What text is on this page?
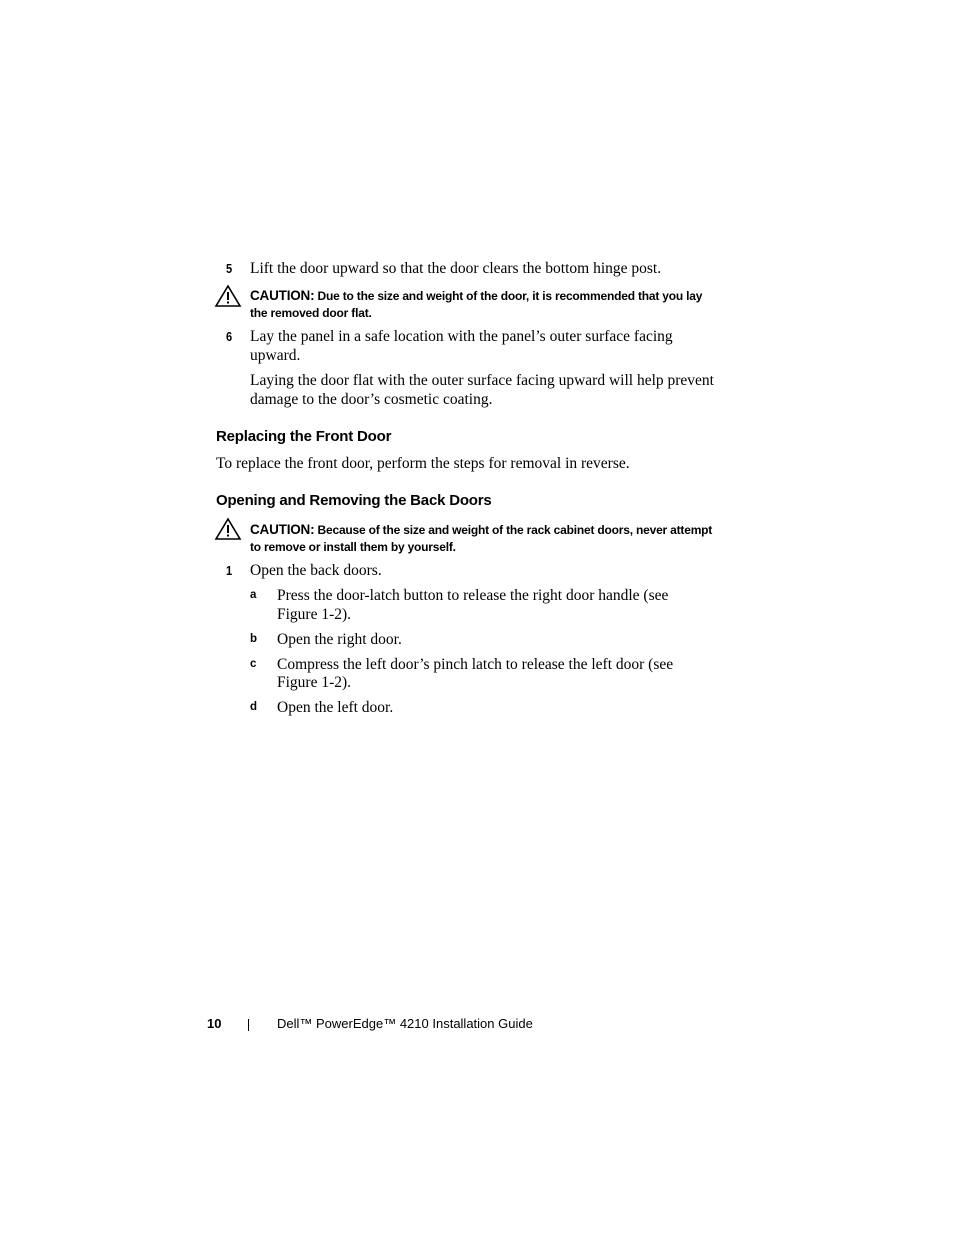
5 Lift the door upward so that the door clears the bottom hinge post.
CAUTION: Due to the size and weight of the door, it is recommended that you lay the removed door flat.
6 Lay the panel in a safe location with the panel’s outer surface facing
upward.
Laying the door flat with the outer surface facing upward will help prevent
damage to the door’s cosmetic coating.
Replacing the Front Door
To replace the front door, perform the steps for removal in reverse.
Opening and Removing the Back Doors
CAUTION: Because of the size and weight of the rack cabinet doors, never attempt to remove or install them by yourself.
1 Open the back doors.
a Press the door-latch button to release the right door handle (see
Figure 1-2).
b Open the right door.
c Compress the left door’s pinch latch to release the left door (see
Figure 1-2).
d Open the left door.
10	Dell™ PowerEdge™ 4210 Installation Guide
